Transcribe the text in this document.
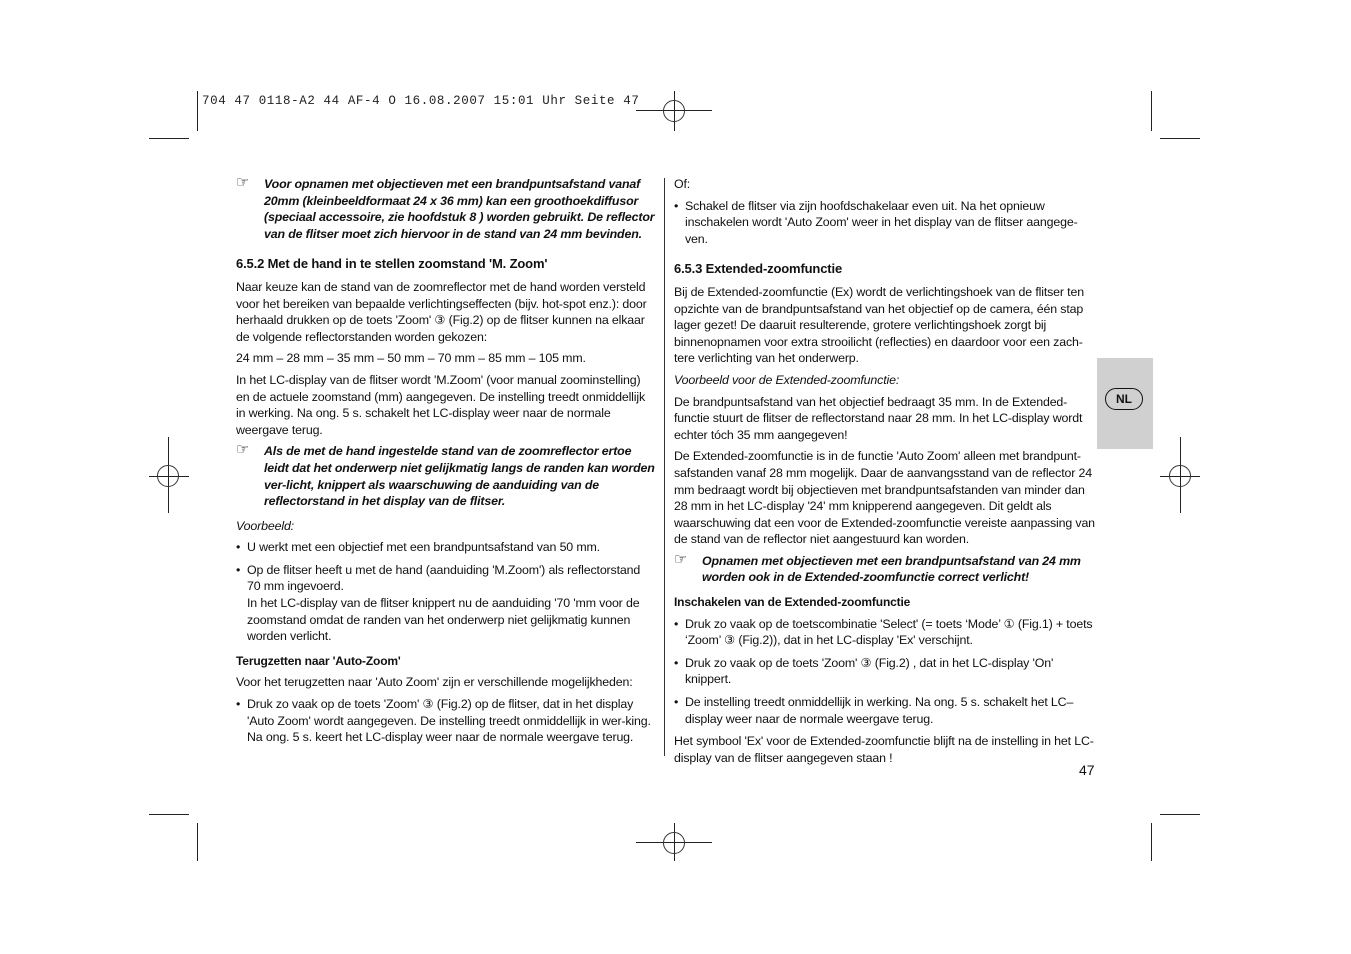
704 47 0118-A2 44 AF-4 O 16.08.2007 15:01 Uhr Seite 47
☞ Voor opnamen met objectieven met een brandpuntsafstand vanaf 20mm (kleinbeeldformaat 24 x 36 mm) kan een groothoekdiffusor (speciaal accessoire, zie hoofdstuk 8 ) worden gebruikt. De reflector van de flitser moet zich hiervoor in de stand van 24 mm bevinden.
6.5.2 Met de hand in te stellen zoomstand 'M. Zoom'

Naar keuze kan de stand van de zoomreflector met de hand worden versteld voor het bereiken van bepaalde verlichtingseffecten (bijv. hot-spot enz.): door herhaald drukken op de toets 'Zoom' ③ (Fig.2) op de flitser kunnen na elkaar de volgende reflectorstanden worden gekozen:

24 mm – 28 mm – 35 mm – 50 mm – 70 mm – 85 mm – 105 mm.

In het LC-display van de flitser wordt 'M.Zoom' (voor manual zoominstelling) en de actuele zoomstand (mm) aangegeven. De instelling treedt onmiddellijk in werking. Na ong. 5 s. schakelt het LC-display weer naar de normale weergave terug.

☞ Als de met de hand ingestelde stand van de zoomreflector ertoe leidt dat het onderwerp niet gelijkmatig langs de randen kan worden ver-licht, knippert als waarschuwing de aanduiding van de reflectorstand in het display van de flitser.

Voorbeeld:

• U werkt met een objectief met een brandpuntsafstand van 50 mm.
• Op de flitser heeft u met de hand (aanduiding 'M.Zoom') als reflectorstand 70 mm ingevoerd.
In het LC-display van de flitser knippert nu de aanduiding '70 'mm voor de zoomstand omdat de randen van het onderwerp niet gelijkmatig kunnen worden verlicht.
Terugzetten naar 'Auto-Zoom'

Voor het terugzetten naar 'Auto Zoom' zijn er verschillende mogelijkheden:

• Druk zo vaak op de toets 'Zoom' ③ (Fig.2) op de flitser, dat in het display 'Auto Zoom' wordt aangegeven. De instelling treedt onmiddellijk in wer-king. Na ong. 5 s. keert het LC-display weer naar de normale weergave terug.

Of:

• Schakel de flitser via zijn hoofdschakelaar even uit. Na het opnieuw inschakelen wordt 'Auto Zoom' weer in het display van de flitser aangege-ven.
6.5.3 Extended-zoomfunctie

Bij de Extended-zoomfunctie (Ex) wordt de verlichtingshoek van de flitser ten opzichte van de brandpuntsafstand van het objectief op de camera, één stap lager gezet! De daaruit resulterende, grotere verlichtingshoek zorgt bij binnenopnamen voor extra strooilicht (reflecties) en daardoor voor een zach-tere verlichting van het onderwerp.

Voorbeeld voor de Extended-zoomfunctie:

De brandpuntsafstand van het objectief bedraagt 35 mm. In de Extended-functie stuurt de flitser de reflectorstand naar 28 mm. In het LC-display wordt echter tóch 35 mm aangegeven!

De Extended-zoomfunctie is in de functie 'Auto Zoom' alleen met brandpunt-safstanden vanaf 28 mm mogelijk. Daar de aanvangsstand van de reflector 24 mm bedraagt wordt bij objectieven met brandpuntsafstanden van minder dan 28 mm in het LC-display '24' mm knipperend aangegeven. Dit geldt als waarschuwing dat een voor de Extended-zoomfunctie vereiste aanpassing van de stand van de reflector niet aangestuurd kan worden.

☞ Opnamen met objectieven met een brandpuntsafstand van 24 mm worden ook in de Extended-zoomfunctie correct verlicht!
Inschakelen van de Extended-zoomfunctie
• Druk zo vaak op de toetscombinatie 'Select' (= toets ‘Mode’ ① (Fig.1) + toets ‘Zoom’ ③ (Fig.2)), dat in het LC-display 'Ex' verschijnt.
• Druk zo vaak op de toets 'Zoom' ③ (Fig.2) , dat in het LC-display 'On' knippert.
• De instelling treedt onmiddellijk in werking. Na ong. 5 s. schakelt het LC–display weer naar de normale weergave terug.

Het symbool 'Ex' voor de Extended-zoomfunctie blijft na de instelling in het LC-display van de flitser aangegeven staan !

NL
47
